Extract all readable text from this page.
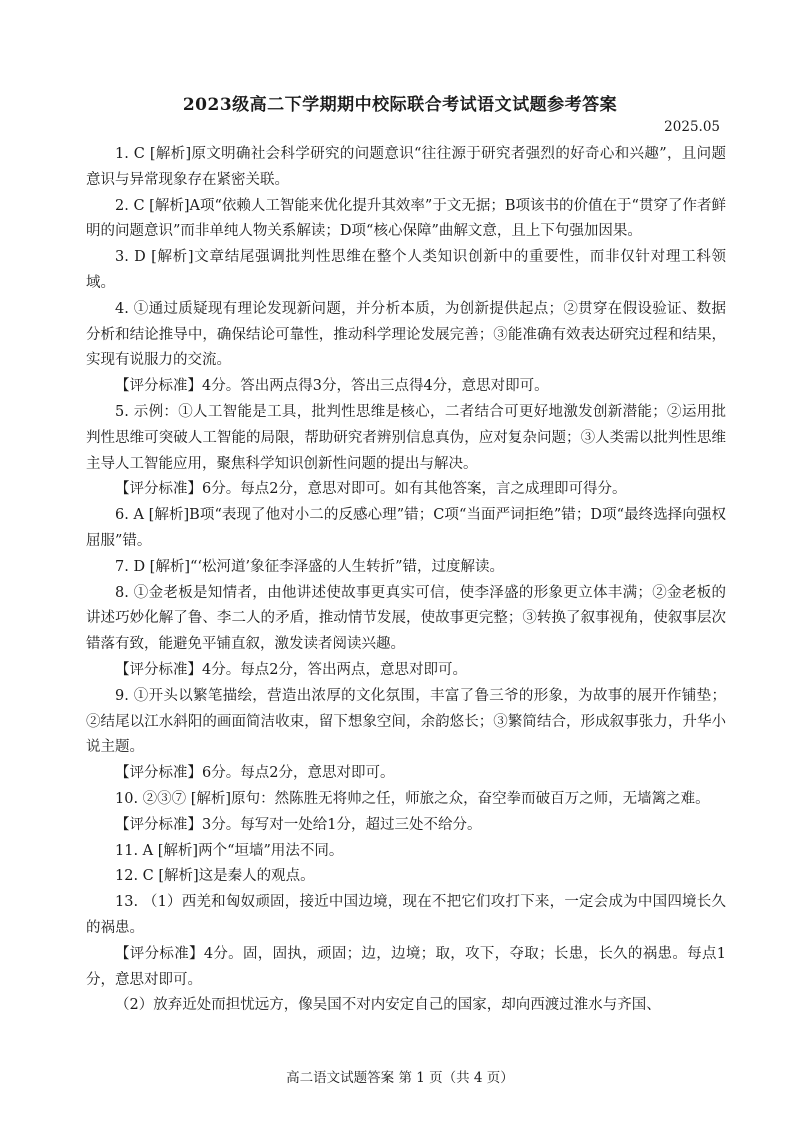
2023级高二下学期期中校际联合考试语文试题参考答案
2025.05

1. C [解析]原文明确社会科学研究的问题意识“往往源于研究者强烈的好奇心和兴趣”，且问题意识与异常现象存在紧密关联。

2. C [解析]A项“依赖人工智能来优化提升其效率”于文无据；B项该书的价值在于“贯穿了作者鲜明的问题意识”而非单纯人物关系解读；D项“核心保障”曲解文意，且上下句强加因果。

3. D [解析]文章结尾强调批判性思维在整个人类知识创新中的重要性，而非仅针对理工科领域。

4. ①通过质疑现有理论发现新问题，并分析本质，为创新提供起点；②贯穿在假设验证、数据分析和结论推导中，确保结论可靠性，推动科学理论发展完善；③能准确有效表达研究过程和结果，实现有说服力的交流。

【评分标准】4分。答出两点得3分，答出三点得4分，意思对即可。

5. 示例：①人工智能是工具，批判性思维是核心，二者结合可更好地激发创新潜能；②运用批判性思维可突破人工智能的局限，帮助研究者辨别信息真伪，应对复杂问题；③人类需以批判性思维主导人工智能应用，聚焦科学知识创新性问题的提出与解决。

【评分标准】6分。每点2分，意思对即可。如有其他答案，言之成理即可得分。

6. A [解析]B项“表现了他对小二的反感心理”错；C项“当面严词拒绝”错；D项“最终选择向强权屈服”错。

7. D [解析]“‘松河道’象征李泽盛的人生转折”错，过度解读。

8. ①金老板是知情者，由他讲述使故事更真实可信，使李泽盛的形象更立体丰满；②金老板的讲述巧妙化解了鲁、李二人的矛盾，推动情节发展，使故事更完整；③转换了叙事视角，使叙事层次错落有致，能避免平铺直叙，激发读者阅读兴趣。

【评分标准】4分。每点2分，答出两点，意思对即可。

9. ①开头以繁笔描绘，营造出浓厚的文化氛围，丰富了鲁三爷的形象，为故事的展开作铺垫；②结尾以江水斜阳的画面简洁收束，留下想象空间，余韵悠长；③繁简结合，形成叙事张力，升华小说主题。

【评分标准】6分。每点2分，意思对即可。

10. ②③⑦ [解析]原句：然陈胜无将帅之任，师旅之众，奋空拳而破百万之师，无墙篱之难。

【评分标准】3分。每写对一处给1分，超过三处不给分。

11. A [解析]两个“垣墙”用法不同。

12. C [解析]这是秦人的观点。

13. （1）西羌和匈奴顽固，接近中国边境，现在不把它们攻打下来，一定会成为中国四境长久的祸患。

【评分标准】4分。固，固执，顽固；边，边境；取，攻下，夺取；长患，长久的祸患。每点1分，意思对即可。

（2）放弃近处而担忧远方，像吴国不对内安定自己的国家，却向西渡过淮水与齐国、

高二语文试题答案 第 1 页（共 4 页）
